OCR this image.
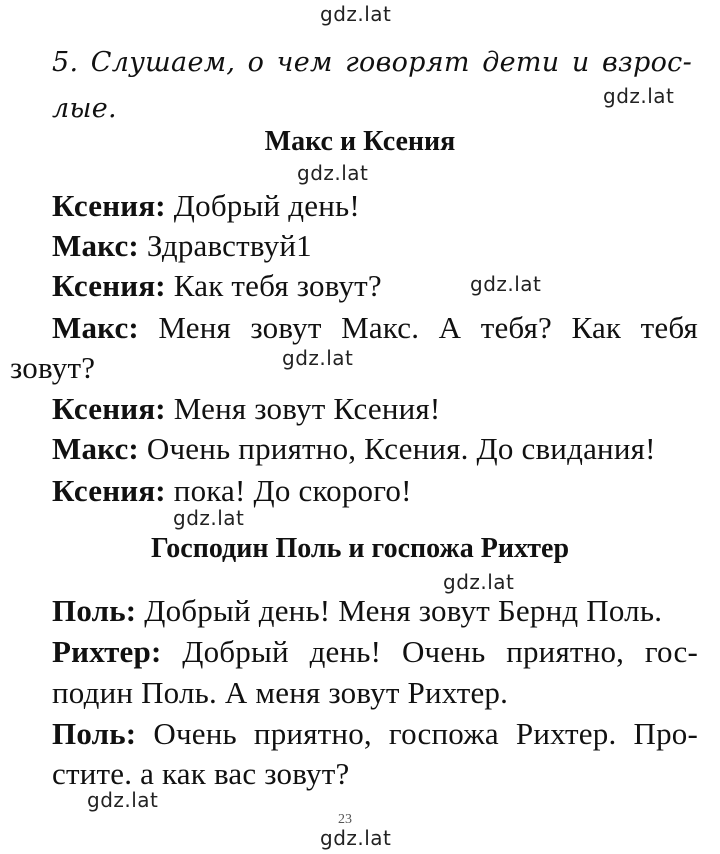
gdz.lat
gdz.lat
gdz.lat
gdz.lat
gdz.lat
gdz.lat
gdz.lat
gdz.lat
gdz.lat
5. Слушаем, о чем говорят дети и взрос-лые.
Макс и Ксения
Ксения: Добрый день!
Макс: Здравствуй1
Ксения: Как тебя зовут?
Макс: Меня зовут Макс. А тебя? Как тебя
зовут?
Ксения: Меня зовут Ксения!
Макс: Очень приятно, Ксения. До свидания!
Ксения: пока! До скорого!
Господин Поль и госпожа Рихтер
Поль: Добрый день! Меня зовут Бернд Поль.
Рихтер: Добрый день! Очень приятно, гос-
подин Поль. А меня зовут Рихтер.
Поль: Очень приятно, госпожа Рихтер. Про-
стите. а как вас зовут?
23
